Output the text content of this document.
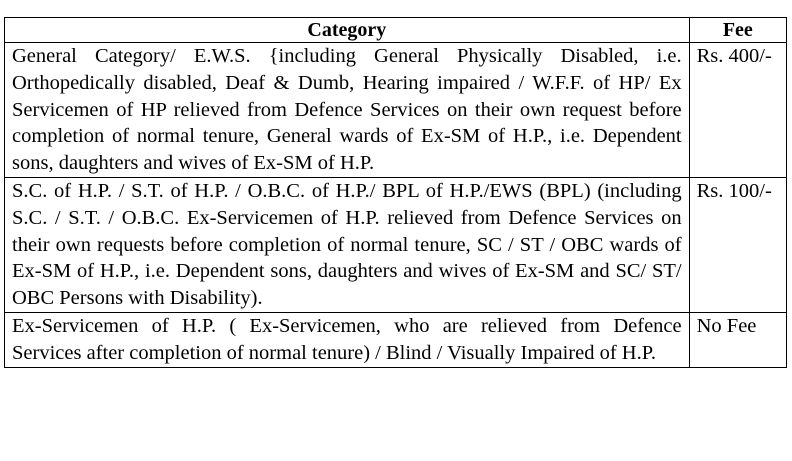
Category	Fee
General Category/ E.W.S. {including General Physically Disabled, i.e. Orthopedically disabled, Deaf & Dumb, Hearing impaired / W.F.F. of HP/ Ex Servicemen of HP relieved from Defence Services on their own request before completion of normal tenure, General wards of Ex-SM of H.P., i.e. Dependent sons, daughters and wives of Ex-SM of H.P.	Rs. 400/-
S.C. of H.P. / S.T. of H.P. / O.B.C. of H.P./ BPL of H.P./EWS (BPL) (including S.C. / S.T. / O.B.C. Ex-Servicemen of H.P. relieved from Defence Services on their own requests before completion of normal tenure, SC / ST / OBC wards of Ex-SM of H.P., i.e. Dependent sons, daughters and wives of Ex-SM and SC/ ST/ OBC Persons with Disability).	Rs. 100/-
Ex-Servicemen of H.P. ( Ex-Servicemen, who are relieved from Defence Services after completion of normal tenure) / Blind / Visually Impaired of H.P.	No Fee
